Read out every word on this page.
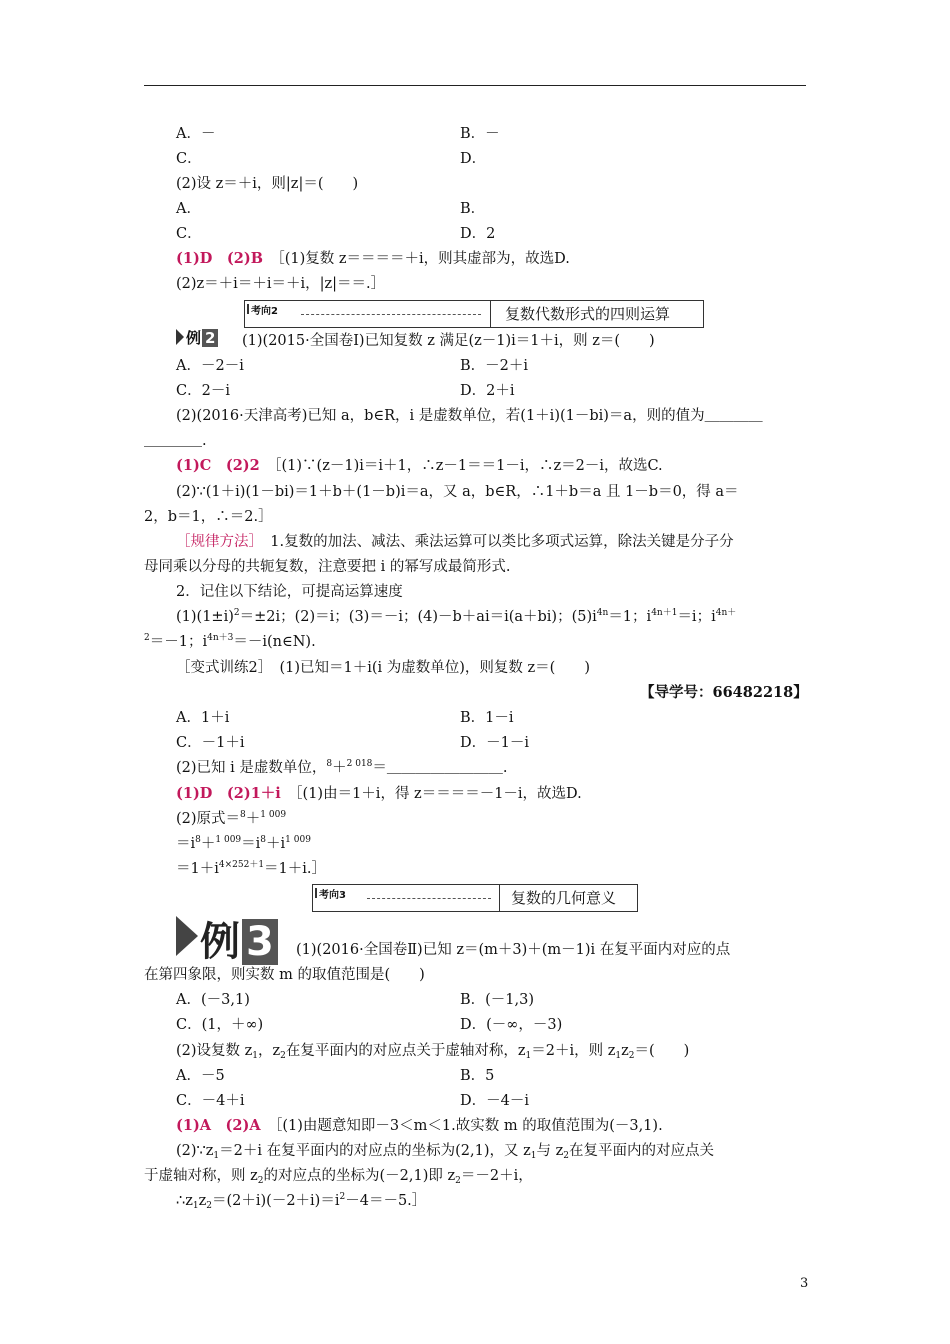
A．－	B．－
C．	D．
(2)设 z＝＋i，则|z|＝(　　)
A．	B．
C．	D．2
(1)D　(2)B　 ［(1)复数 z＝＝＝＝＋i，则其虚部为，故选D.
(2)z＝＋i＝＋i＝＋i，|z|＝＝.］
考向2	复数代数形式的四则运算
例 2 (1)(2015·全国卷Ⅰ)已知复数 z 满足(z－1)i＝1＋i，则 z＝(　　)
A．－2－i	B．－2＋i
C．2－i	D．2＋i
(2)(2016·天津高考)已知 a，b∈R，i 是虚数单位，若(1＋i)(1－bi)＝a，则的值为＿＿＿＿
＿＿＿＿.
(1)C　(2)2　 ［(1)∵(z－1)i＝i＋1，∴z－1＝＝1－i，∴z＝2－i，故选C.
(2)∵(1＋i)(1－bi)＝1＋b＋(1－b)i＝a，又 a，b∈R，∴1＋b＝a 且 1－b＝0，得 a＝
2，b＝1，∴＝2.］
［规律方法］　1.复数的加法、减法、乘法运算可以类比多项式运算，除法关键是分子分
母同乘以分母的共轭复数，注意要把 i 的幂写成最简形式.
2．记住以下结论，可提高运算速度
$(1)(1\pm i)^2=\pm 2i$；(2)＝i；(3)＝－i；(4)－b＋ai＝i(a＋bi)；$(5)i^{4n}=1$；$i^{4n+1}=i$；$i^{4n+}$
$^2$＝－1；$i^{4n+3}=-i(n\in N)$.
［变式训练2］　(1)已知＝1＋i(i 为虚数单位)，则复数 z＝(　　)
【导学号：66482218】
A．1＋i	B．1－i
C．－1＋i	D．－1－i
(2)已知 i 是虚数单位，$^8$＋$^{2 018}$＝＿＿＿＿＿＿＿＿.
(1)D　(2)1＋i　 ［(1)由＝1＋i，得 z＝＝＝＝－1－i，故选D.
(2)原式＝$^8$＋$^{1 009}$
$=i^8+^{1 009}=i^8+i^{1 009}$
$=1+i^{4\times 252+1}=1+i.]$
考向3	复数的几何意义
例 3 (1)(2016·全国卷Ⅱ)已知 z＝(m＋3)＋(m－1)i 在复平面内对应的点
在第四象限，则实数 m 的取值范围是(　　)
A．(－3,1)	B．(－1,3)
C．(1，＋∞)	D．(－∞，－3)
(2)设复数 $z_1$，$z_2$在复平面内的对应点关于虚轴对称，$z_1=2+i$，则 $z_1z_2=$(　　)
A．－5	B．5
C．－4＋i	D．－4－i
(1)A　(2)A　 ［(1)由题意知即－3＜m＜1.故实数 m 的取值范围为(－3,1).
$(2)\because z_1=2+i$ 在复平面内的对应点的坐标为(2,1)，又 $z_1$与 $z_2$在复平面内的对应点关
于虚轴对称，则 $z_2$的对应点的坐标为(－2,1)即 $z_2=-2+i$，
$\therefore z_1z_2=(2+i)(-2+i)=i^2-4=-5.]$
3
